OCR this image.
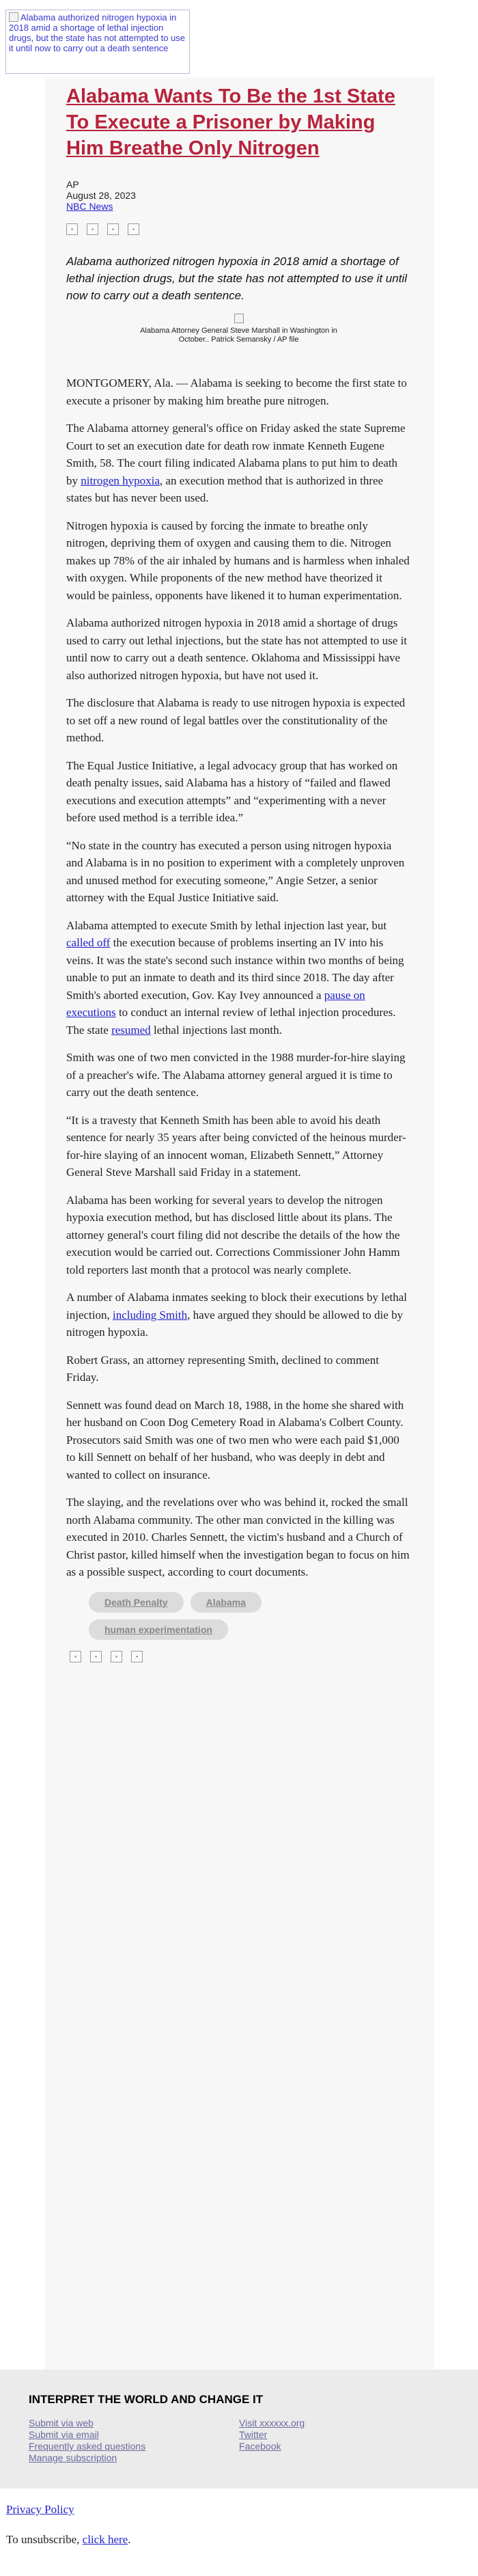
Alabama authorized nitrogen hypoxia in 2018 amid a shortage of lethal injection drugs, but the state has not attempted to use it until now to carry out a death sentence
Alabama Wants To Be the 1st State To Execute a Prisoner by Making Him Breathe Only Nitrogen
AP
August 28, 2023
NBC News
▪	▪	▪	▪
Alabama authorized nitrogen hypoxia in 2018 amid a shortage of lethal injection drugs, but the state has not attempted to use it until now to carry out a death sentence.
Alabama Attorney General Steve Marshall in Washington in October.. Patrick Semansky / AP file

MONTGOMERY, Ala. — Alabama is seeking to become the first state to execute a prisoner by making him breathe pure nitrogen.

The Alabama attorney general's office on Friday asked the state Supreme Court to set an execution date for death row inmate Kenneth Eugene Smith, 58. The court filing indicated Alabama plans to put him to death by nitrogen hypoxia, an execution method that is authorized in three states but has never been used.

Nitrogen hypoxia is caused by forcing the inmate to breathe only nitrogen, depriving them of oxygen and causing them to die. Nitrogen makes up 78% of the air inhaled by humans and is harmless when inhaled with oxygen. While proponents of the new method have theorized it would be painless, opponents have likened it to human experimentation.

Alabama authorized nitrogen hypoxia in 2018 amid a shortage of drugs used to carry out lethal injections, but the state has not attempted to use it until now to carry out a death sentence. Oklahoma and Mississippi have also authorized nitrogen hypoxia, but have not used it.

The disclosure that Alabama is ready to use nitrogen hypoxia is expected to set off a new round of legal battles over the constitutionality of the method.

The Equal Justice Initiative, a legal advocacy group that has worked on death penalty issues, said Alabama has a history of “failed and flawed executions and execution attempts” and “experimenting with a never before used method is a terrible idea.”

“No state in the country has executed a person using nitrogen hypoxia and Alabama is in no position to experiment with a completely unproven and unused method for executing someone,” Angie Setzer, a senior attorney with the Equal Justice Initiative said.

Alabama attempted to execute Smith by lethal injection last year, but called off the execution because of problems inserting an IV into his veins. It was the state's second such instance within two months of being unable to put an inmate to death and its third since 2018. The day after Smith's aborted execution, Gov. Kay Ivey announced a pause on executions to conduct an internal review of lethal injection procedures. The state resumed lethal injections last month.

Smith was one of two men convicted in the 1988 murder-for-hire slaying of a preacher's wife. The Alabama attorney general argued it is time to carry out the death sentence.

“It is a travesty that Kenneth Smith has been able to avoid his death sentence for nearly 35 years after being convicted of the heinous murder-for-hire slaying of an innocent woman, Elizabeth Sennett,” Attorney General Steve Marshall said Friday in a statement.

Alabama has been working for several years to develop the nitrogen hypoxia execution method, but has disclosed little about its plans. The attorney general's court filing did not describe the details of the how the execution would be carried out. Corrections Commissioner John Hamm told reporters last month that a protocol was nearly complete.

A number of Alabama inmates seeking to block their executions by lethal injection, including Smith, have argued they should be allowed to die by nitrogen hypoxia.

Robert Grass, an attorney representing Smith, declined to comment Friday.

Sennett was found dead on March 18, 1988, in the home she shared with her husband on Coon Dog Cemetery Road in Alabama's Colbert County. Prosecutors said Smith was one of two men who were each paid $1,000 to kill Sennett on behalf of her husband, who was deeply in debt and wanted to collect on insurance.

The slaying, and the revelations over who was behind it, rocked the small north Alabama community. The other man convicted in the killing was executed in 2010. Charles Sennett, the victim's husband and a Church of Christ pastor, killed himself when the investigation began to focus on him as a possible suspect, according to court documents.

Death Penalty	Alabama
human experimentation
▪	▪	▪	▪
INTERPRET THE WORLD AND CHANGE IT
Submit via web	Visit xxxxxx.org
Submit via email	Twitter
Frequently asked questions	Facebook
Manage subscription

Privacy Policy

To unsubscribe, click here.
